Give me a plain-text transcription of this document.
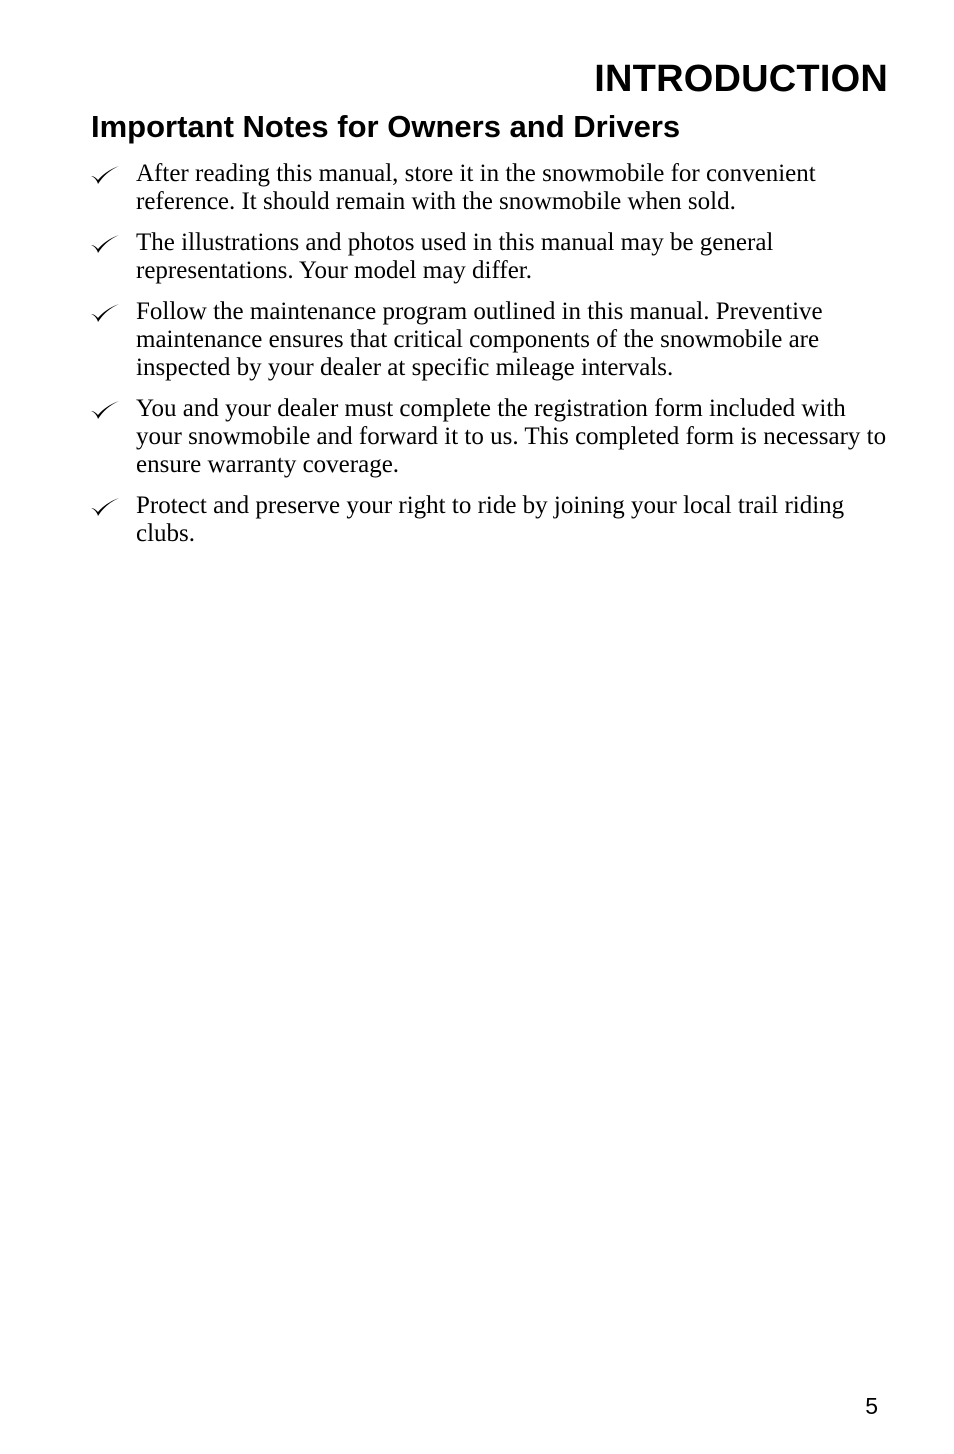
INTRODUCTION
Important Notes for Owners and Drivers
After reading this manual, store it in the snowmobile for convenient reference. It should remain with the snowmobile when sold.
The illustrations and photos used in this manual may be general representations. Your model may differ.
Follow the maintenance program outlined in this manual. Preventive maintenance ensures that critical components of the snowmobile are inspected by your dealer at specific mileage intervals.
You and your dealer must complete the registration form included with your snowmobile and forward it to us. This completed form is necessary to ensure warranty coverage.
Protect and preserve your right to ride by joining your local trail riding clubs.
5
